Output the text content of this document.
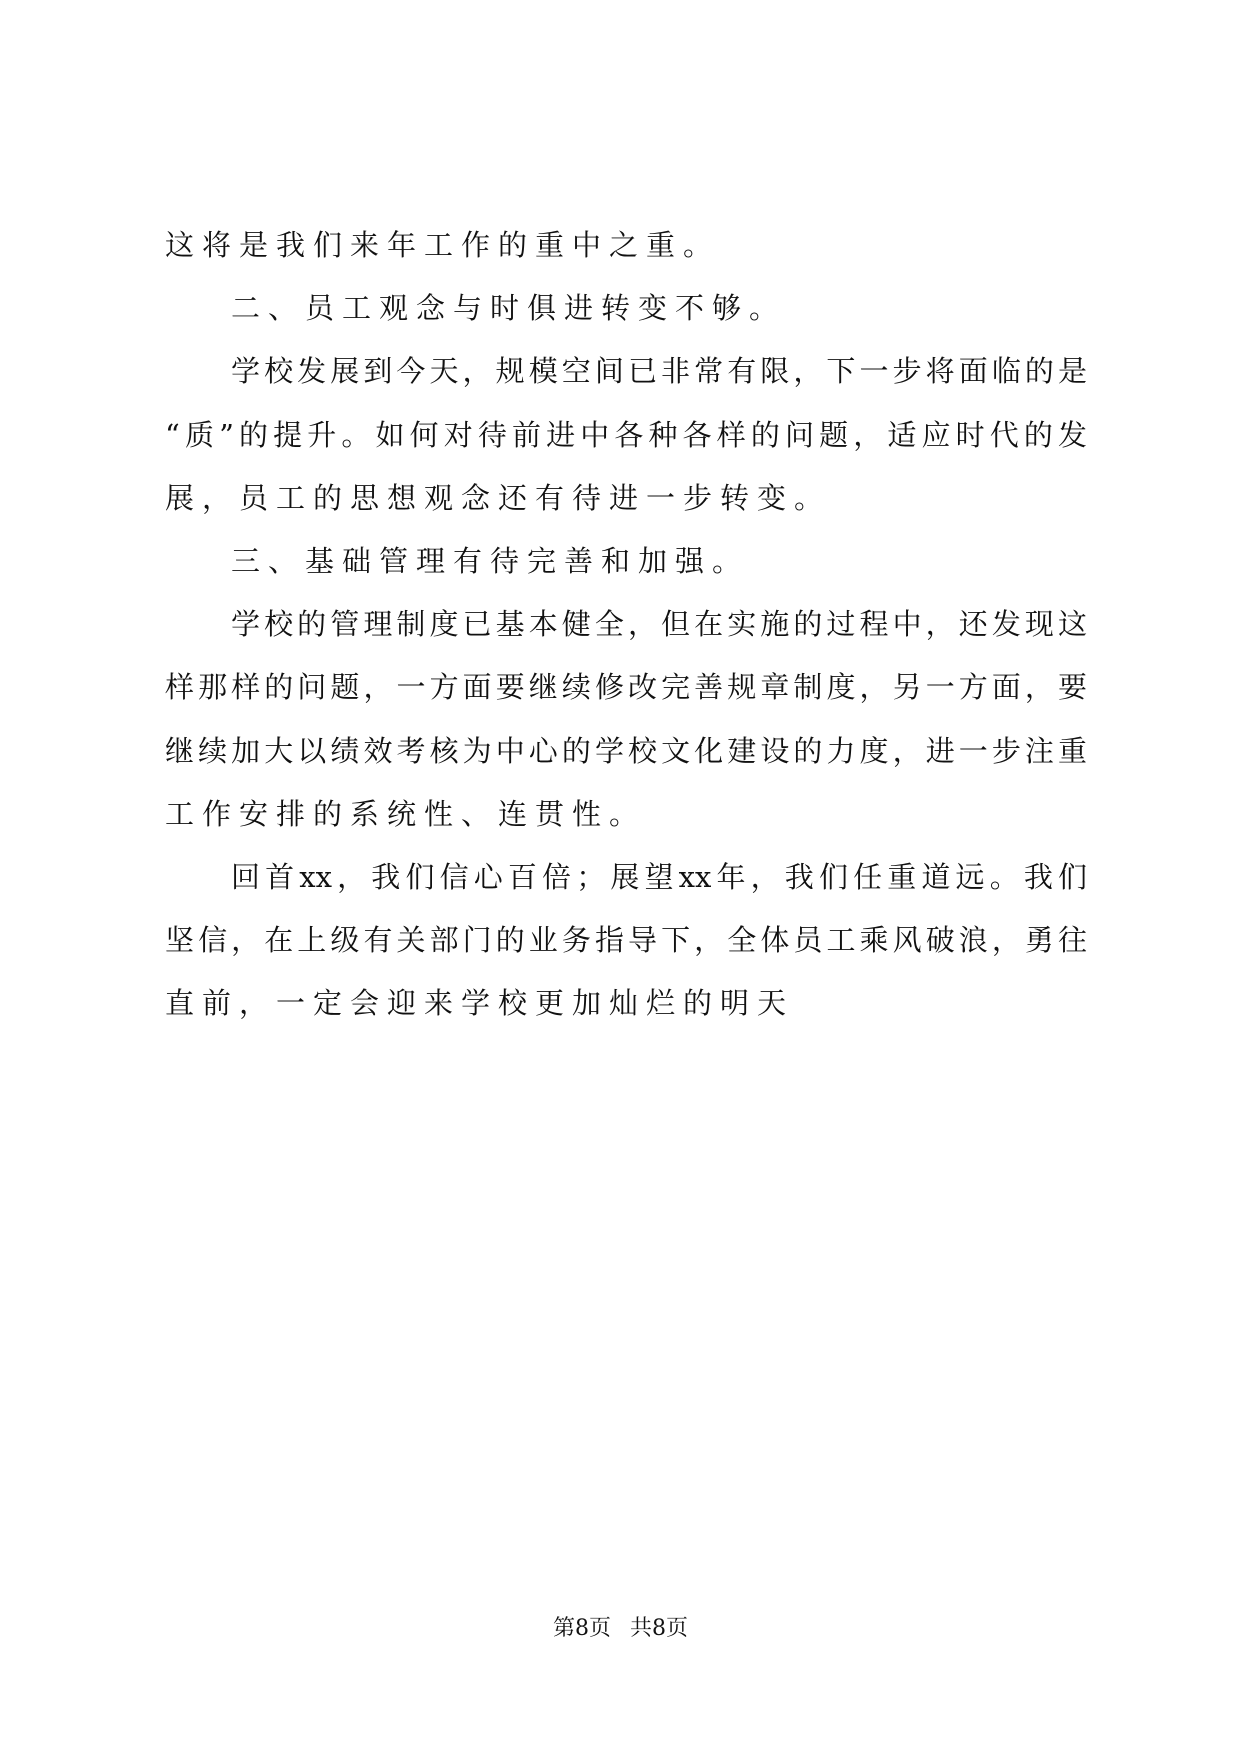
这将是我们来年工作的重中之重。
二、员工观念与时俱进转变不够。
学校发展到今天，规模空间已非常有限，下一步将面临的是
“质”的提升。如何对待前进中各种各样的问题，适应时代的发
展，员工的思想观念还有待进一步转变。
三、基础管理有待完善和加强。
学校的管理制度已基本健全，但在实施的过程中，还发现这
样那样的问题，一方面要继续修改完善规章制度，另一方面，要
继续加大以绩效考核为中心的学校文化建设的力度，进一步注重
工作安排的系统性、连贯性。
回首xx，我们信心百倍；展望xx年，我们任重道远。我们
坚信，在上级有关部门的业务指导下，全体员工乘风破浪，勇往
直前，一定会迎来学校更加灿烂的明天
第8页 共8页
